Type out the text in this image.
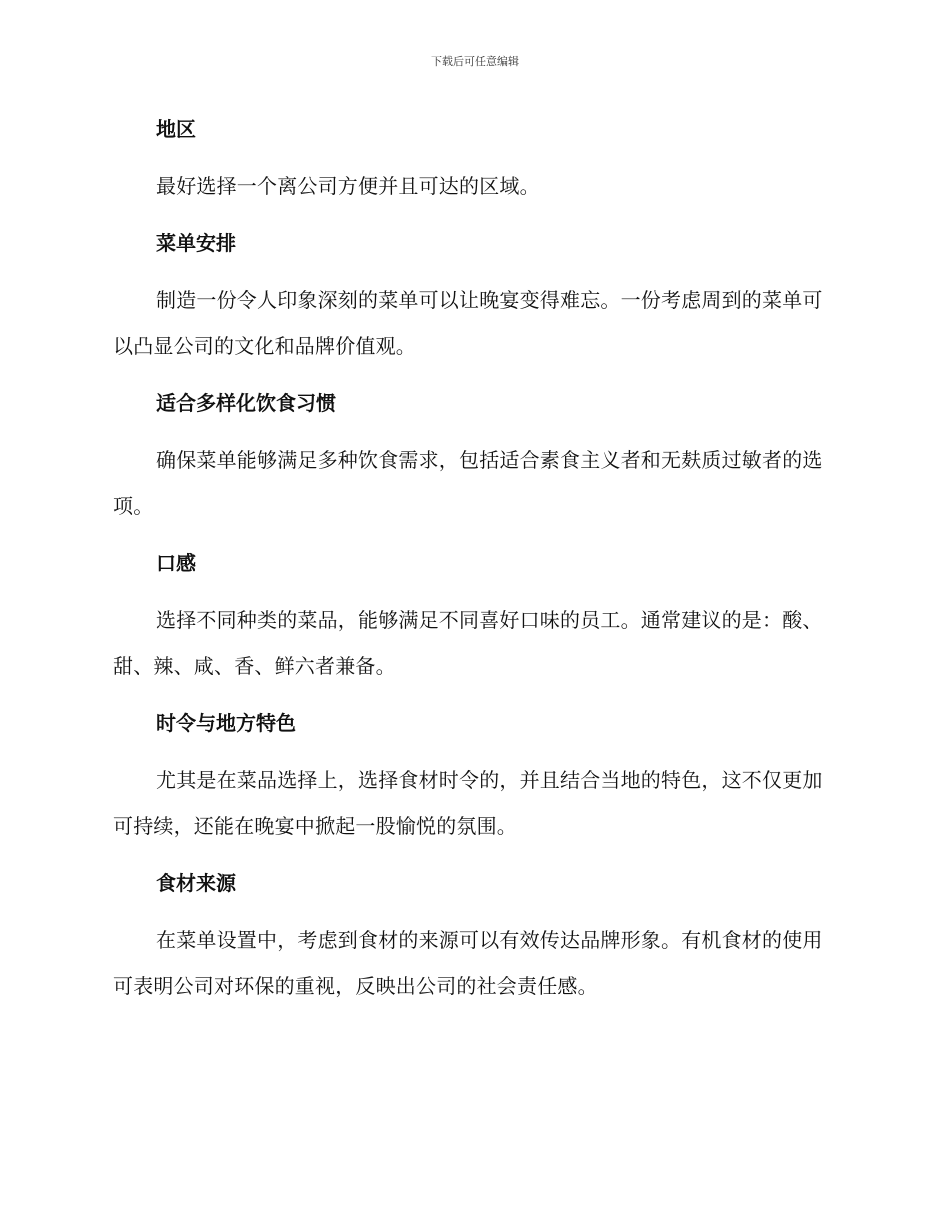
下载后可任意编辑
地区

最好选择一个离公司方便并且可达的区域。

菜单安排

制造一份令人印象深刻的菜单可以让晚宴变得难忘。一份考虑周到的菜单可以凸显公司的文化和品牌价值观。

适合多样化饮食习惯

确保菜单能够满足多种饮食需求，包括适合素食主义者和无麸质过敏者的选项。

口感

选择不同种类的菜品，能够满足不同喜好口味的员工。通常建议的是：酸、甜、辣、咸、香、鲜六者兼备。

时令与地方特色

尤其是在菜品选择上，选择食材时令的，并且结合当地的特色，这不仅更加可持续，还能在晚宴中掀起一股愉悦的氛围。

食材来源

在菜单设置中，考虑到食材的来源可以有效传达品牌形象。有机食材的使用可表明公司对环保的重视，反映出公司的社会责任感。
